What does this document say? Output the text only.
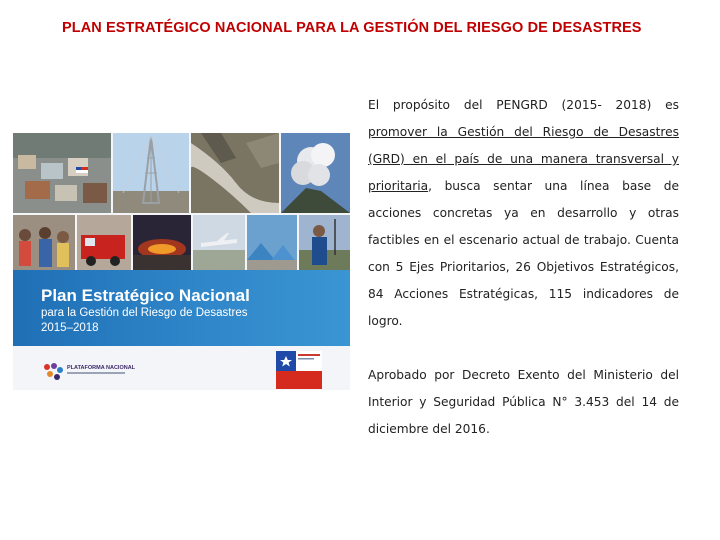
PLAN ESTRATÉGICO NACIONAL PARA LA GESTIÓN DEL RIESGO DE DESASTRES
Plan Estratégico Nacional
para la Gestión del Riesgo de Desastres
2015–2018
PLATAFORMA NACIONAL

El propósito del PENGRD (2015- 2018) es promover la Gestión del Riesgo de Desastres (GRD) en el país de una manera transversal y prioritaria, busca sentar una línea base de acciones concretas ya en desarrollo y otras factibles en el escenario actual de trabajo. Cuenta con 5 Ejes Prioritarios, 26 Objetivos Estratégicos, 84 Acciones Estratégicas, 115 indicadores de logro.

Aprobado por Decreto Exento del Ministerio del Interior y Seguridad Pública N° 3.453 del 14 de diciembre del 2016.
